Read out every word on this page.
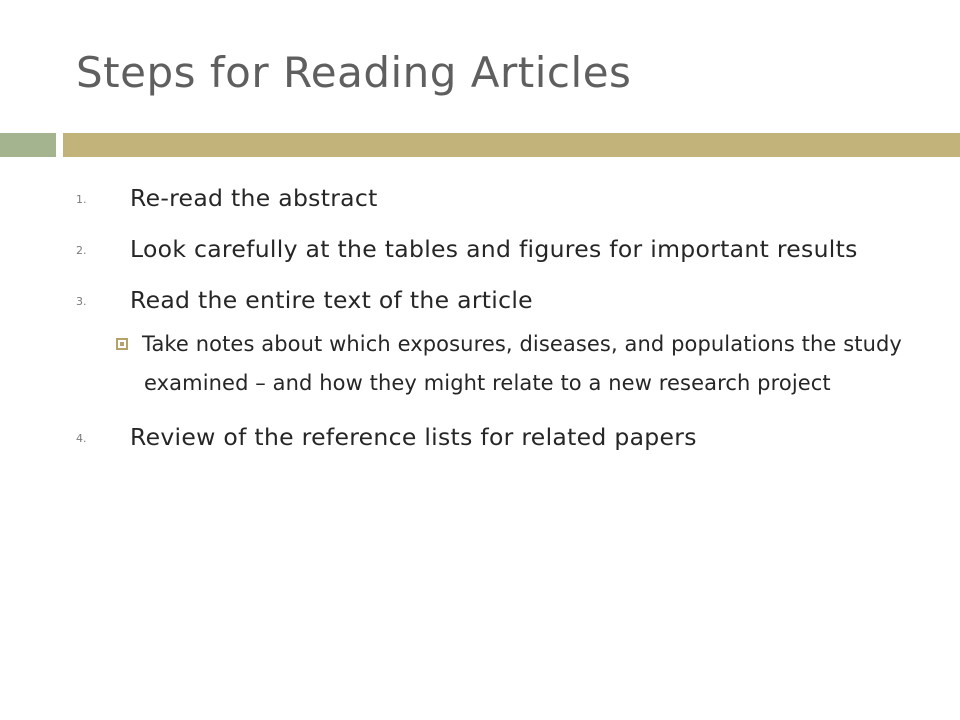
Steps for Reading Articles
1. Re-read the abstract
2. Look carefully at the tables and figures for important results
3. Read the entire text of the article
Take notes about which exposures, diseases, and populations the study examined – and how they might relate to a new research project
4. Review of the reference lists for related papers
